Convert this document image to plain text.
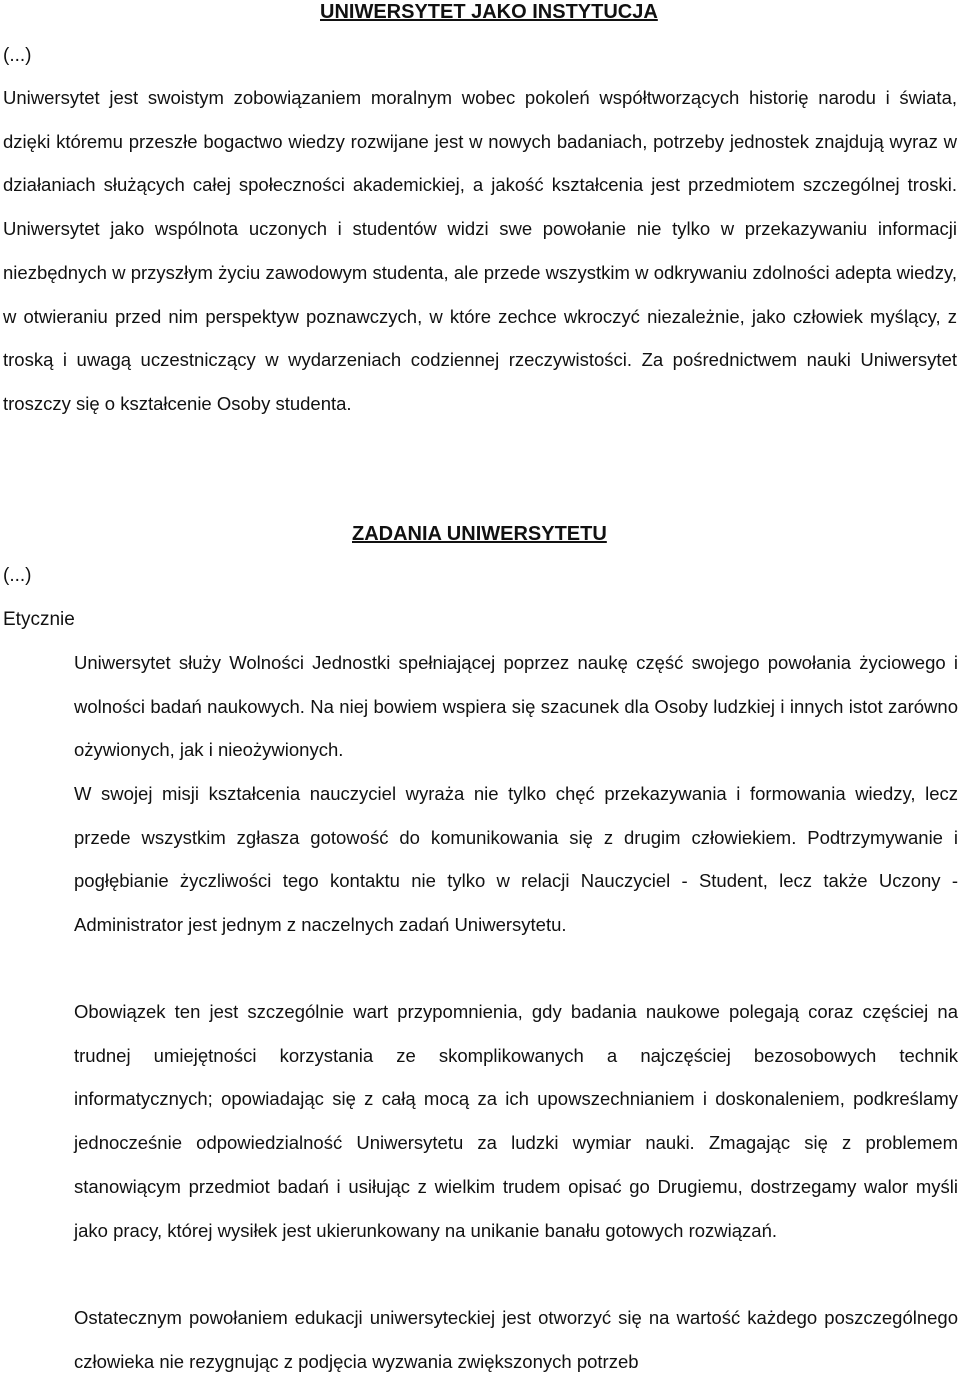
UNIWERSYTET JAKO INSTYTUCJA
(...)

Uniwersytet jest swoistym zobowiązaniem moralnym wobec pokoleń współtworzących historię narodu i świata, dzięki któremu przeszłe bogactwo wiedzy rozwijane jest w nowych badaniach, potrzeby jednostek znajdują wyraz w działaniach służących całej społeczności akademickiej, a jakość kształcenia jest przedmiotem szczególnej troski. Uniwersytet jako wspólnota uczonych i studentów widzi swe powołanie nie tylko w przekazywaniu informacji niezbędnych w przyszłym życiu zawodowym studenta, ale przede wszystkim w odkrywaniu zdolności adepta wiedzy, w otwieraniu przed nim perspektyw poznawczych, w które zechce wkroczyć niezależnie, jako człowiek myślący, z troską i uwagą uczestniczący w wydarzeniach codziennej rzeczywistości. Za pośrednictwem nauki Uniwersytet troszczy się o kształcenie Osoby studenta.

ZADANIA UNIWERSYTETU
(...)
Etycznie

Uniwersytet służy Wolności Jednostki spełniającej poprzez naukę część swojego powołania życiowego i wolności badań naukowych. Na niej bowiem wspiera się szacunek dla Osoby ludzkiej i innych istot zarówno ożywionych, jak i nieożywionych.

W swojej misji kształcenia nauczyciel wyraża nie tylko chęć przekazywania i formowania wiedzy, lecz przede wszystkim zgłasza gotowość do komunikowania się z drugim człowiekiem. Podtrzymywanie i pogłębianie życzliwości tego kontaktu nie tylko w relacji Nauczyciel - Student, lecz także Uczony - Administrator jest jednym z naczelnych zadań Uniwersytetu.

Obowiązek ten jest szczególnie wart przypomnienia, gdy badania naukowe polegają coraz częściej na trudnej umiejętności korzystania ze skomplikowanych a najczęściej bezosobowych technik informatycznych; opowiadając się z całą mocą za ich upowszechnianiem i doskonaleniem, podkreślamy jednocześnie odpowiedzialność Uniwersytetu za ludzki wymiar nauki. Zmagając się z problemem stanowiącym przedmiot badań i usiłując z wielkim trudem opisać go Drugiemu, dostrzegamy walor myśli jako pracy, której wysiłek jest ukierunkowany na unikanie banału gotowych rozwiązań.

Ostatecznym powołaniem edukacji uniwersyteckiej jest otworzyć się na wartość każdego poszczególnego człowieka nie rezygnując z podjęcia wyzwania zwiększonych potrzeb
